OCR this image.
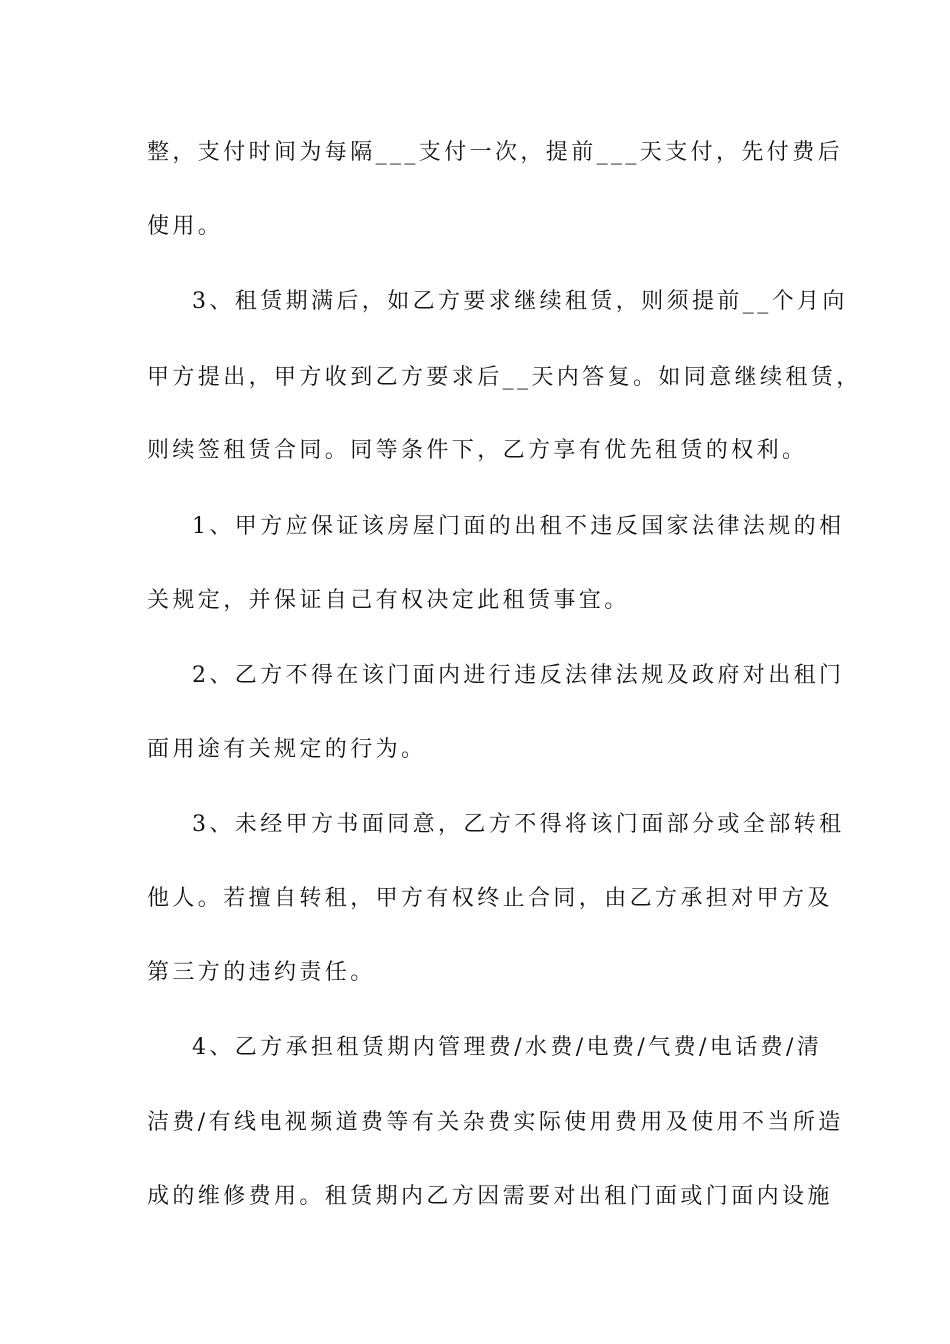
整，支付时间为每隔___支付一次，提前___天支付，先付费后
使用。
3、租赁期满后，如乙方要求继续租赁，则须提前__个月向
甲方提出，甲方收到乙方要求后__天内答复。如同意继续租赁，
则续签租赁合同。同等条件下，乙方享有优先租赁的权利。
1、甲方应保证该房屋门面的出租不违反国家法律法规的相
关规定，并保证自己有权决定此租赁事宜。
2、乙方不得在该门面内进行违反法律法规及政府对出租门
面用途有关规定的行为。
3、未经甲方书面同意，乙方不得将该门面部分或全部转租
他人。若擅自转租，甲方有权终止合同，由乙方承担对甲方及
第三方的违约责任。
4、乙方承担租赁期内管理费/水费/电费/气费/电话费/清
洁费/有线电视频道费等有关杂费实际使用费用及使用不当所造
成的维修费用。租赁期内乙方因需要对出租门面或门面内设施
